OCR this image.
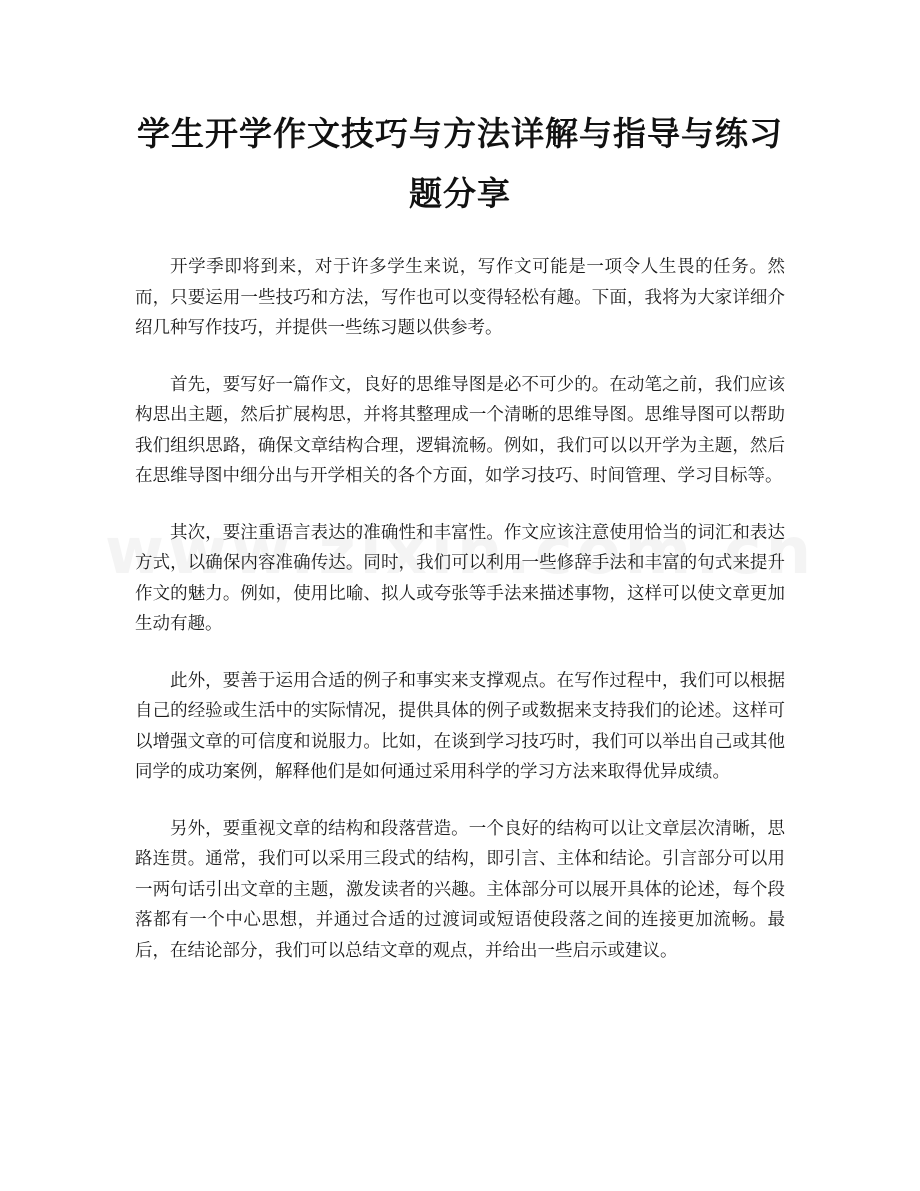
学生开学作文技巧与方法详解与指导与练习
题分享

开学季即将到来，对于许多学生来说，写作文可能是一项令人生畏的任务。然而，只要运用一些技巧和方法，写作也可以变得轻松有趣。下面，我将为大家详细介绍几种写作技巧，并提供一些练习题以供参考。

首先，要写好一篇作文，良好的思维导图是必不可少的。在动笔之前，我们应该构思出主题，然后扩展构思，并将其整理成一个清晰的思维导图。思维导图可以帮助我们组织思路，确保文章结构合理，逻辑流畅。例如，我们可以以开学为主题，然后在思维导图中细分出与开学相关的各个方面，如学习技巧、时间管理、学习目标等。

其次，要注重语言表达的准确性和丰富性。作文应该注意使用恰当的词汇和表达方式，以确保内容准确传达。同时，我们可以利用一些修辞手法和丰富的句式来提升作文的魅力。例如，使用比喻、拟人或夸张等手法来描述事物，这样可以使文章更加生动有趣。

此外，要善于运用合适的例子和事实来支撑观点。在写作过程中，我们可以根据自己的经验或生活中的实际情况，提供具体的例子或数据来支持我们的论述。这样可以增强文章的可信度和说服力。比如，在谈到学习技巧时，我们可以举出自己或其他同学的成功案例，解释他们是如何通过采用科学的学习方法来取得优异成绩。

另外，要重视文章的结构和段落营造。一个良好的结构可以让文章层次清晰，思路连贯。通常，我们可以采用三段式的结构，即引言、主体和结论。引言部分可以用一两句话引出文章的主题，激发读者的兴趣。主体部分可以展开具体的论述，每个段落都有一个中心思想，并通过合适的过渡词或短语使段落之间的连接更加流畅。最后，在结论部分，我们可以总结文章的观点，并给出一些启示或建议。
